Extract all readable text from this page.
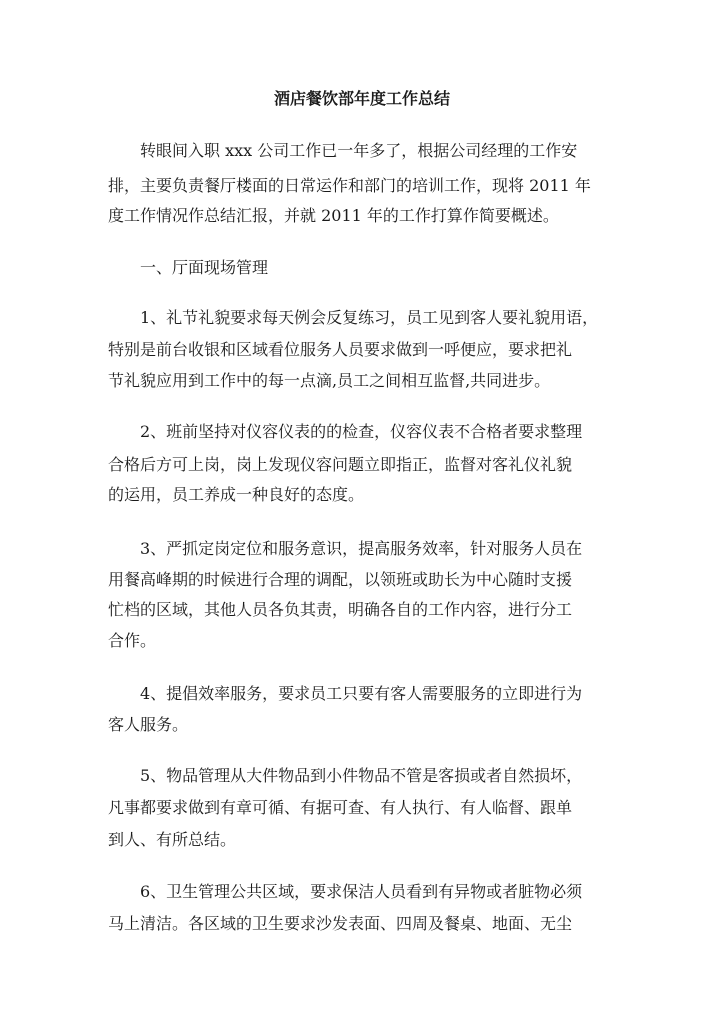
酒店餐饮部年度工作总结

转眼间入职 xxx 公司工作已一年多了，根据公司经理的工作安

排，主要负责餐厅楼面的日常运作和部门的培训工作，现将 2011 年

度工作情况作总结汇报，并就 2011 年的工作打算作简要概述。

一、厅面现场管理

1、礼节礼貌要求每天例会反复练习，员工见到客人要礼貌用语，

特别是前台收银和区域看位服务人员要求做到一呼便应，要求把礼

节礼貌应用到工作中的每一点滴,员工之间相互监督,共同进步。

2、班前坚持对仪容仪表的的检查，仪容仪表不合格者要求整理

合格后方可上岗，岗上发现仪容问题立即指正，监督对客礼仪礼貌

的运用，员工养成一种良好的态度。

3、严抓定岗定位和服务意识，提高服务效率，针对服务人员在

用餐高峰期的时候进行合理的调配，以领班或助长为中心随时支援

忙档的区域，其他人员各负其责，明确各自的工作内容，进行分工

合作。

4、提倡效率服务，要求员工只要有客人需要服务的立即进行为

客人服务。

5、物品管理从大件物品到小件物品不管是客损或者自然损坏，

凡事都要求做到有章可循、有据可查、有人执行、有人临督、跟单

到人、有所总结。

6、卫生管理公共区域，要求保洁人员看到有异物或者脏物必须

马上清洁。各区域的卫生要求沙发表面、四周及餐桌、地面、无尘
